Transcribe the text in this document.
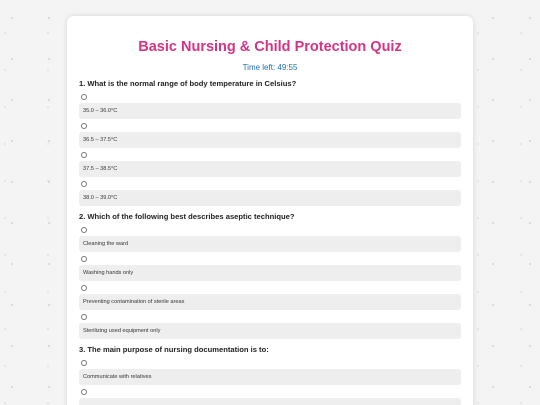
Basic Nursing & Child Protection Quiz
Time left: 49:55
1. What is the normal range of body temperature in Celsius?
35.0 – 36.0°C
36.5 – 37.5°C
37.5 – 38.5°C
38.0 – 39.0°C
2. Which of the following best describes aseptic technique?
Cleaning the ward
Washing hands only
Preventing contamination of sterile areas
Sterilizing used equipment only
3. The main purpose of nursing documentation is to:
Communicate with relatives
